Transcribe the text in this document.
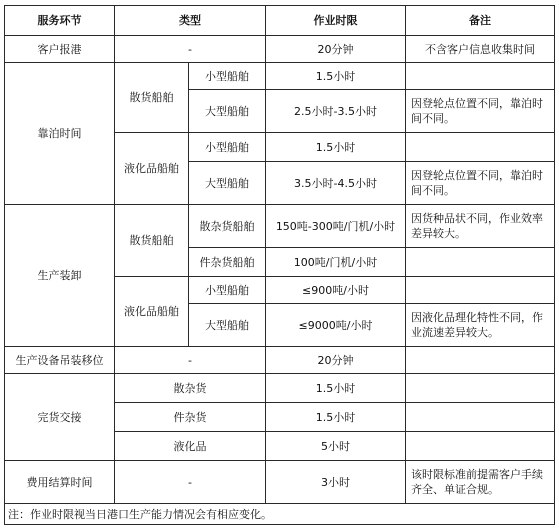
服务环节	类型		作业时限	备注
客户报港	-		20分钟	不含客户信息收集时间
靠泊时间	散货船舶	小型船舶	1.5小时	
		大型船舶	2.5小时-3.5小时	因登轮点位置不同，靠泊时间不同。
	液化品船舶	小型船舶	1.5小时	
		大型船舶	3.5小时-4.5小时	因登轮点位置不同，靠泊时间不同。
生产装卸	散货船舶	散杂货船舶	150吨-300吨/门机/小时	因货种品状不同，作业效率差异较大。
		件杂货船舶	100吨/门机/小时	
	液化品船舶	小型船舶	≤900吨/小时	
		大型船舶	≤9000吨/小时	因液化品理化特性不同，作业流速差异较大。
生产设备吊装移位	-		20分钟	
完货交接	散杂货		1.5小时	
	件杂货		1.5小时	
	液化品		5小时	
费用结算时间	-		3小时	该时限标准前提需客户手续齐全、单证合规。
注：作业时限视当日港口生产能力情况会有相应变化。				
